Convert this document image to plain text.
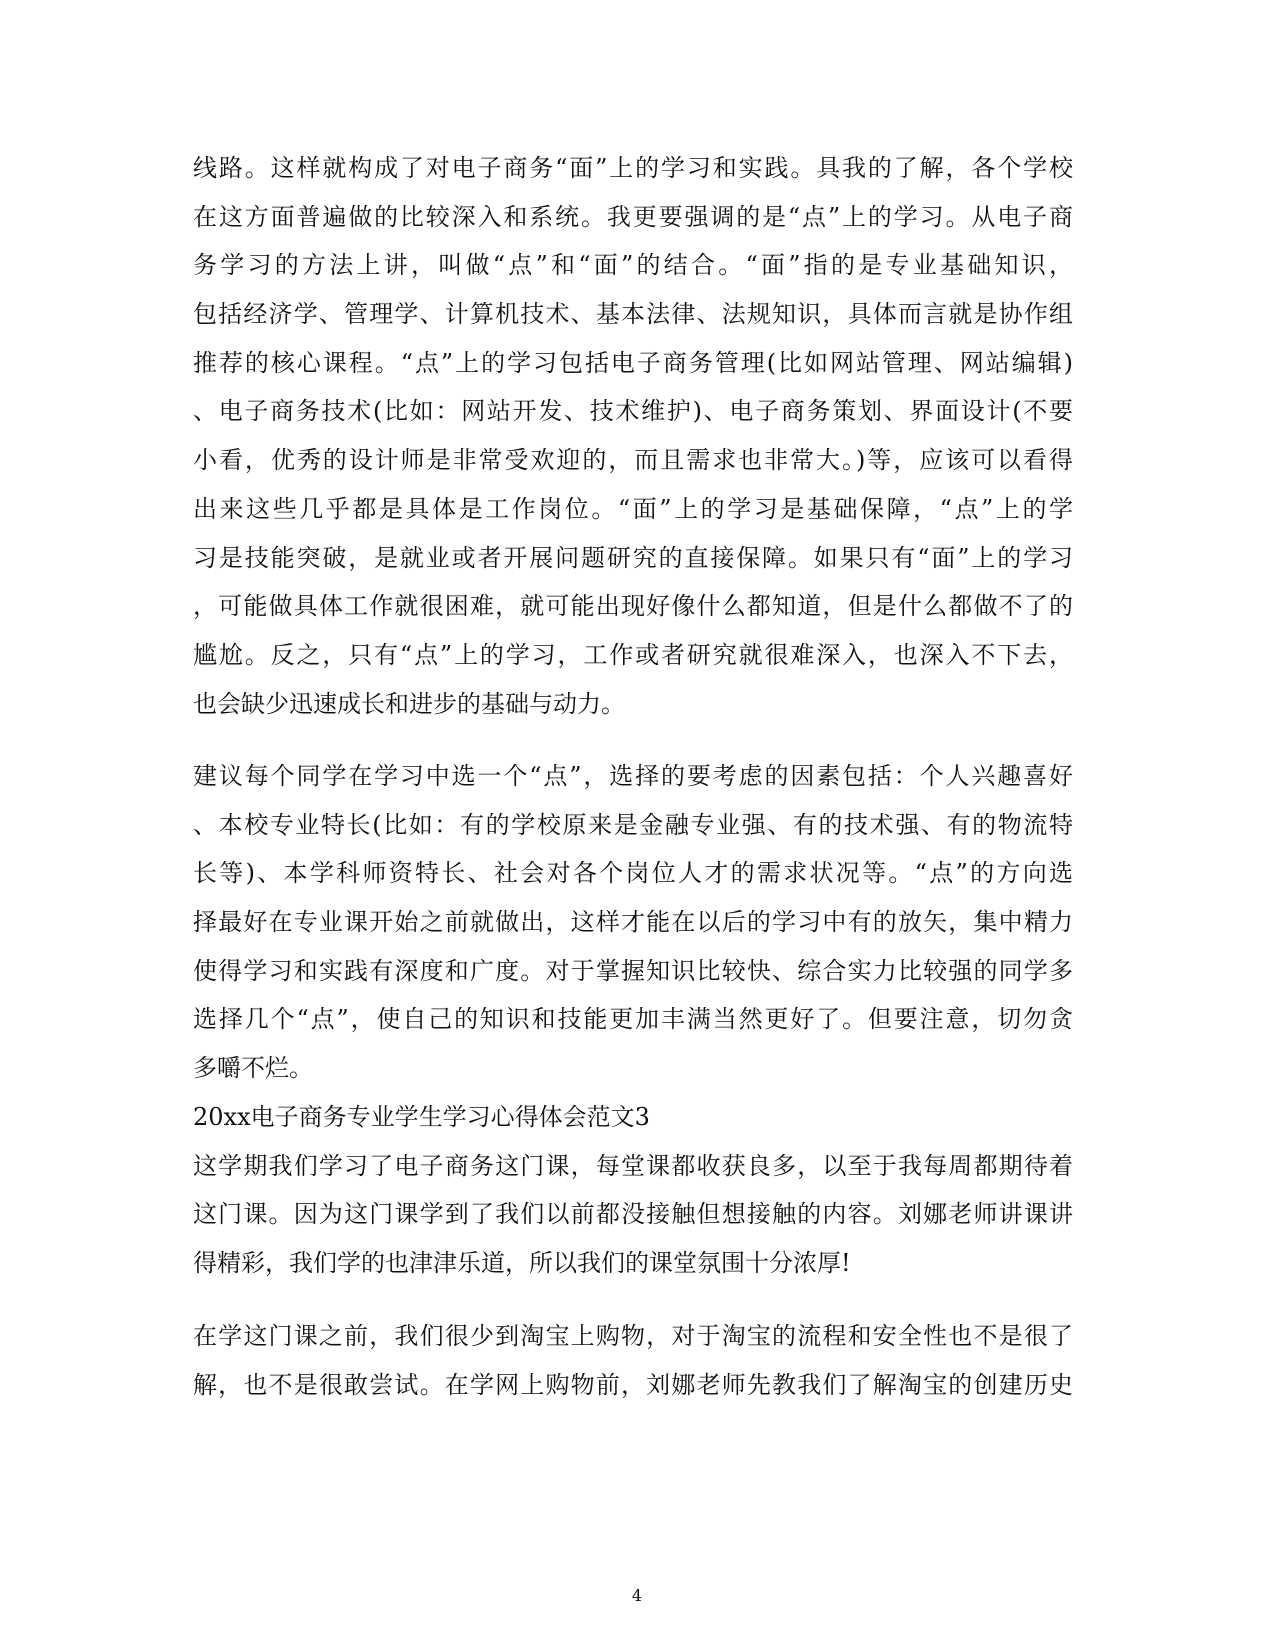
线路。这样就构成了对电子商务“面”上的学习和实践。具我的了解，各个学校
在这方面普遍做的比较深入和系统。我更要强调的是“点”上的学习。从电子商
务学习的方法上讲，叫做“点”和“面”的结合。“面”指的是专业基础知识，
包括经济学、管理学、计算机技术、基本法律、法规知识，具体而言就是协作组
推荐的核心课程。“点”上的学习包括电子商务管理(比如网站管理、网站编辑)
、电子商务技术(比如：网站开发、技术维护)、电子商务策划、界面设计(不要
小看，优秀的设计师是非常受欢迎的，而且需求也非常大。)等，应该可以看得
出来这些几乎都是具体是工作岗位。“面”上的学习是基础保障，“点”上的学
习是技能突破，是就业或者开展问题研究的直接保障。如果只有“面”上的学习
，可能做具体工作就很困难，就可能出现好像什么都知道，但是什么都做不了的
尴尬。反之，只有“点”上的学习，工作或者研究就很难深入，也深入不下去，
也会缺少迅速成长和进步的基础与动力。
建议每个同学在学习中选一个“点”，选择的要考虑的因素包括：个人兴趣喜好
、本校专业特长(比如：有的学校原来是金融专业强、有的技术强、有的物流特
长等)、本学科师资特长、社会对各个岗位人才的需求状况等。“点”的方向选
择最好在专业课开始之前就做出，这样才能在以后的学习中有的放矢，集中精力
使得学习和实践有深度和广度。对于掌握知识比较快、综合实力比较强的同学多
选择几个“点”，使自己的知识和技能更加丰满当然更好了。但要注意，切勿贪
多嚼不烂。
20xx电子商务专业学生学习心得体会范文3
这学期我们学习了电子商务这门课，每堂课都收获良多，以至于我每周都期待着
这门课。因为这门课学到了我们以前都没接触但想接触的内容。刘娜老师讲课讲
得精彩，我们学的也津津乐道，所以我们的课堂氛围十分浓厚!
在学这门课之前，我们很少到淘宝上购物，对于淘宝的流程和安全性也不是很了
解，也不是很敢尝试。在学网上购物前，刘娜老师先教我们了解淘宝的创建历史
4
